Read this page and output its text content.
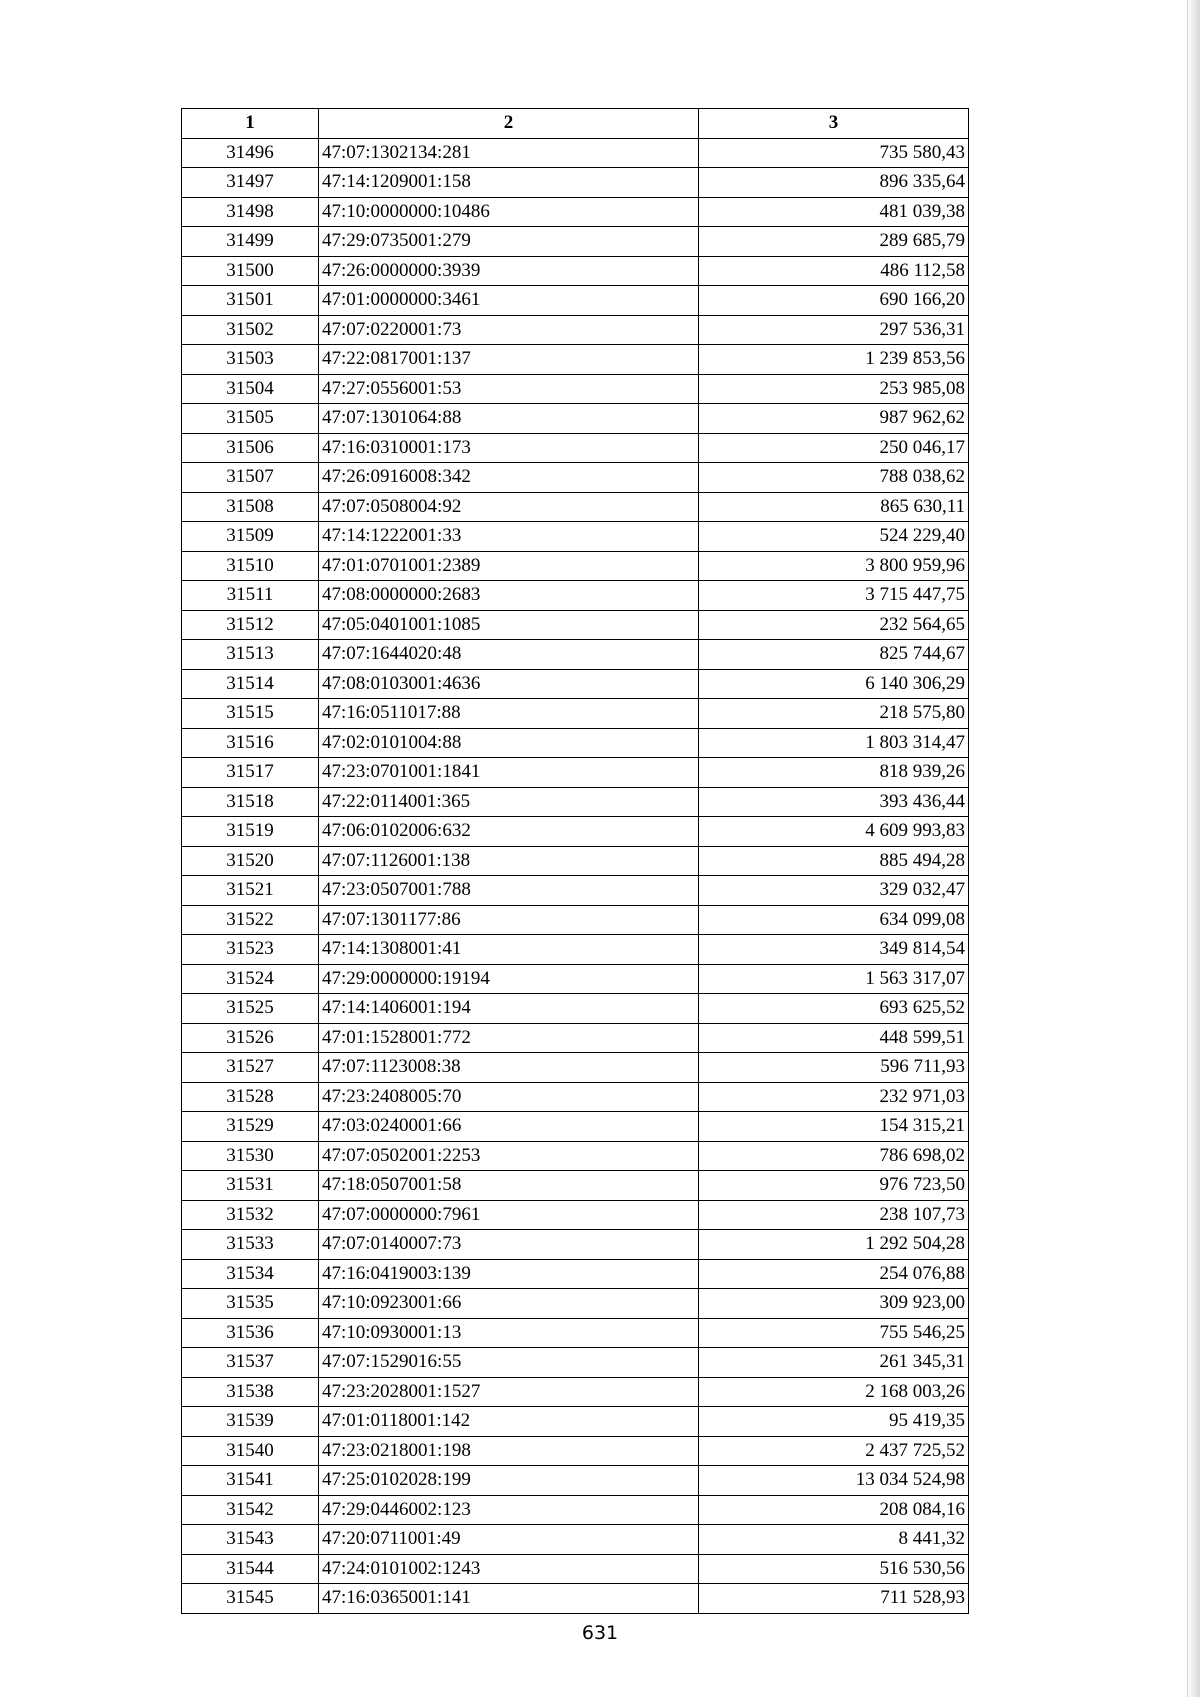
1	2	3
31496	47:07:1302134:281	735 580,43
31497	47:14:1209001:158	896 335,64
31498	47:10:0000000:10486	481 039,38
31499	47:29:0735001:279	289 685,79
31500	47:26:0000000:3939	486 112,58
31501	47:01:0000000:3461	690 166,20
31502	47:07:0220001:73	297 536,31
31503	47:22:0817001:137	1 239 853,56
31504	47:27:0556001:53	253 985,08
31505	47:07:1301064:88	987 962,62
31506	47:16:0310001:173	250 046,17
31507	47:26:0916008:342	788 038,62
31508	47:07:0508004:92	865 630,11
31509	47:14:1222001:33	524 229,40
31510	47:01:0701001:2389	3 800 959,96
31511	47:08:0000000:2683	3 715 447,75
31512	47:05:0401001:1085	232 564,65
31513	47:07:1644020:48	825 744,67
31514	47:08:0103001:4636	6 140 306,29
31515	47:16:0511017:88	218 575,80
31516	47:02:0101004:88	1 803 314,47
31517	47:23:0701001:1841	818 939,26
31518	47:22:0114001:365	393 436,44
31519	47:06:0102006:632	4 609 993,83
31520	47:07:1126001:138	885 494,28
31521	47:23:0507001:788	329 032,47
31522	47:07:1301177:86	634 099,08
31523	47:14:1308001:41	349 814,54
31524	47:29:0000000:19194	1 563 317,07
31525	47:14:1406001:194	693 625,52
31526	47:01:1528001:772	448 599,51
31527	47:07:1123008:38	596 711,93
31528	47:23:2408005:70	232 971,03
31529	47:03:0240001:66	154 315,21
31530	47:07:0502001:2253	786 698,02
31531	47:18:0507001:58	976 723,50
31532	47:07:0000000:7961	238 107,73
31533	47:07:0140007:73	1 292 504,28
31534	47:16:0419003:139	254 076,88
31535	47:10:0923001:66	309 923,00
31536	47:10:0930001:13	755 546,25
31537	47:07:1529016:55	261 345,31
31538	47:23:2028001:1527	2 168 003,26
31539	47:01:0118001:142	95 419,35
31540	47:23:0218001:198	2 437 725,52
31541	47:25:0102028:199	13 034 524,98
31542	47:29:0446002:123	208 084,16
31543	47:20:0711001:49	8 441,32
31544	47:24:0101002:1243	516 530,56
31545	47:16:0365001:141	711 528,93
631
